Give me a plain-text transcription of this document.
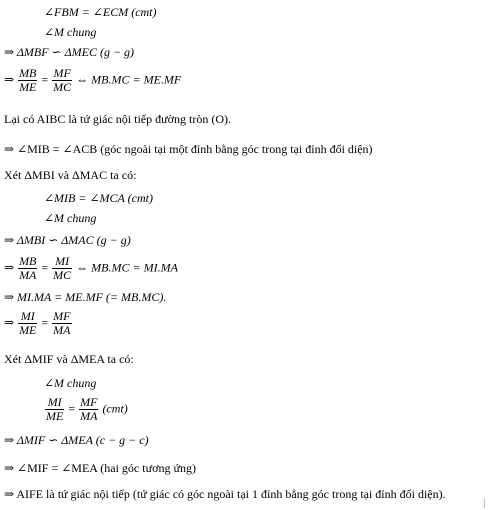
∠FBM = ∠ECM (cmt)
∠M chung
⇒ ΔMBF ∽ ΔMEC (g − g)
⇒ $\frac{MB}{ME} = \frac{MF}{MC}$ ⇔ MB.MC = ME.MF
Lại có AIBC là tứ giác nội tiếp đường tròn (O).
⇒ ∠MIB = ∠ACB (góc ngoài tại một đỉnh bằng góc trong tại đỉnh đối diện)
Xét ΔMBI và ΔMAC ta có:
∠MIB = ∠MCA (cmt)
∠M chung
⇒ ΔMBI ∽ ΔMAC (g − g)
⇒ $\frac{MB}{MA} = \frac{MI}{MC}$ ⇔ MB.MC = MI.MA
⇒ MI.MA = ME.MF (= MB.MC).
⇒ $\frac{MI}{ME} = \frac{MF}{MA}$
Xét ΔMIF và ΔMEA ta có:
∠M chung
$\frac{MI}{ME} = \frac{MF}{MA} (cmt)$
⇒ ΔMIF ∽ ΔMEA (c − g − c)
⇒ ∠MIF = ∠MEA (hai góc tương ứng)
⇒ AIFE là tứ giác nội tiếp (tứ giác có góc ngoài tại 1 đỉnh bằng góc trong tại đỉnh đối diện).
